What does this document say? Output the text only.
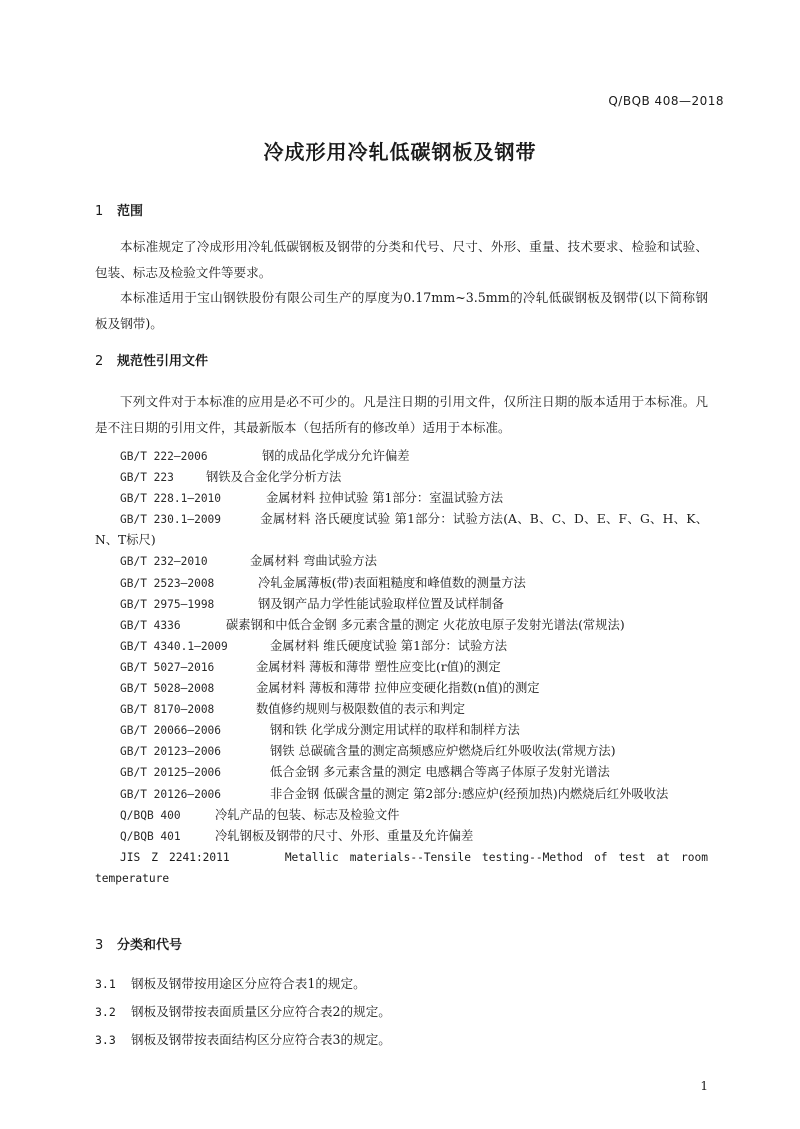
Q/BQB 408—2018
冷成形用冷轧低碳钢板及钢带
1 范围
本标准规定了冷成形用冷轧低碳钢板及钢带的分类和代号、尺寸、外形、重量、技术要求、检验和试验、包装、标志及检验文件等要求。
本标准适用于宝山钢铁股份有限公司生产的厚度为0.17mm~3.5mm的冷轧低碳钢板及钢带(以下简称钢板及钢带)。
2 规范性引用文件
下列文件对于本标准的应用是必不可少的。凡是注日期的引用文件，仅所注日期的版本适用于本标准。凡是不注日期的引用文件，其最新版本（包括所有的修改单）适用于本标准。
GB/T 222—2006	钢的成品化学成分允许偏差
GB/T 223	钢铁及合金化学分析方法
GB/T 228.1—2010	金属材料 拉伸试验 第1部分：室温试验方法
GB/T 230.1—2009	金属材料 洛氏硬度试验 第1部分：试验方法(A、B、C、D、E、F、G、H、K、N、T标尺)
GB/T 232—2010	金属材料 弯曲试验方法
GB/T 2523—2008	冷轧金属薄板(带)表面粗糙度和峰值数的测量方法
GB/T 2975—1998	钢及钢产品力学性能试验取样位置及试样制备
GB/T 4336	碳素钢和中低合金钢 多元素含量的测定 火花放电原子发射光谱法(常规法)
GB/T 4340.1—2009	金属材料 维氏硬度试验 第1部分：试验方法
GB/T 5027—2016	金属材料 薄板和薄带 塑性应变比(r值)的测定
GB/T 5028—2008	金属材料 薄板和薄带 拉伸应变硬化指数(n值)的测定
GB/T 8170—2008	数值修约规则与极限数值的表示和判定
GB/T 20066—2006	钢和铁 化学成分测定用试样的取样和制样方法
GB/T 20123—2006	钢铁 总碳硫含量的测定高频感应炉燃烧后红外吸收法(常规方法)
GB/T 20125—2006	低合金钢 多元素含量的测定 电感耦合等离子体原子发射光谱法
GB/T 20126—2006	非合金钢 低碳含量的测定 第2部分:感应炉(经预加热)内燃烧后红外吸收法
Q/BQB 400	冷轧产品的包装、标志及检验文件
Q/BQB 401	冷轧钢板及钢带的尺寸、外形、重量及允许偏差
JIS Z 2241:2011	Metallic materials--Tensile testing--Method of test at room temperature
3 分类和代号
3.1 钢板及钢带按用途区分应符合表1的规定。
3.2 钢板及钢带按表面质量区分应符合表2的规定。
3.3 钢板及钢带按表面结构区分应符合表3的规定。
1
